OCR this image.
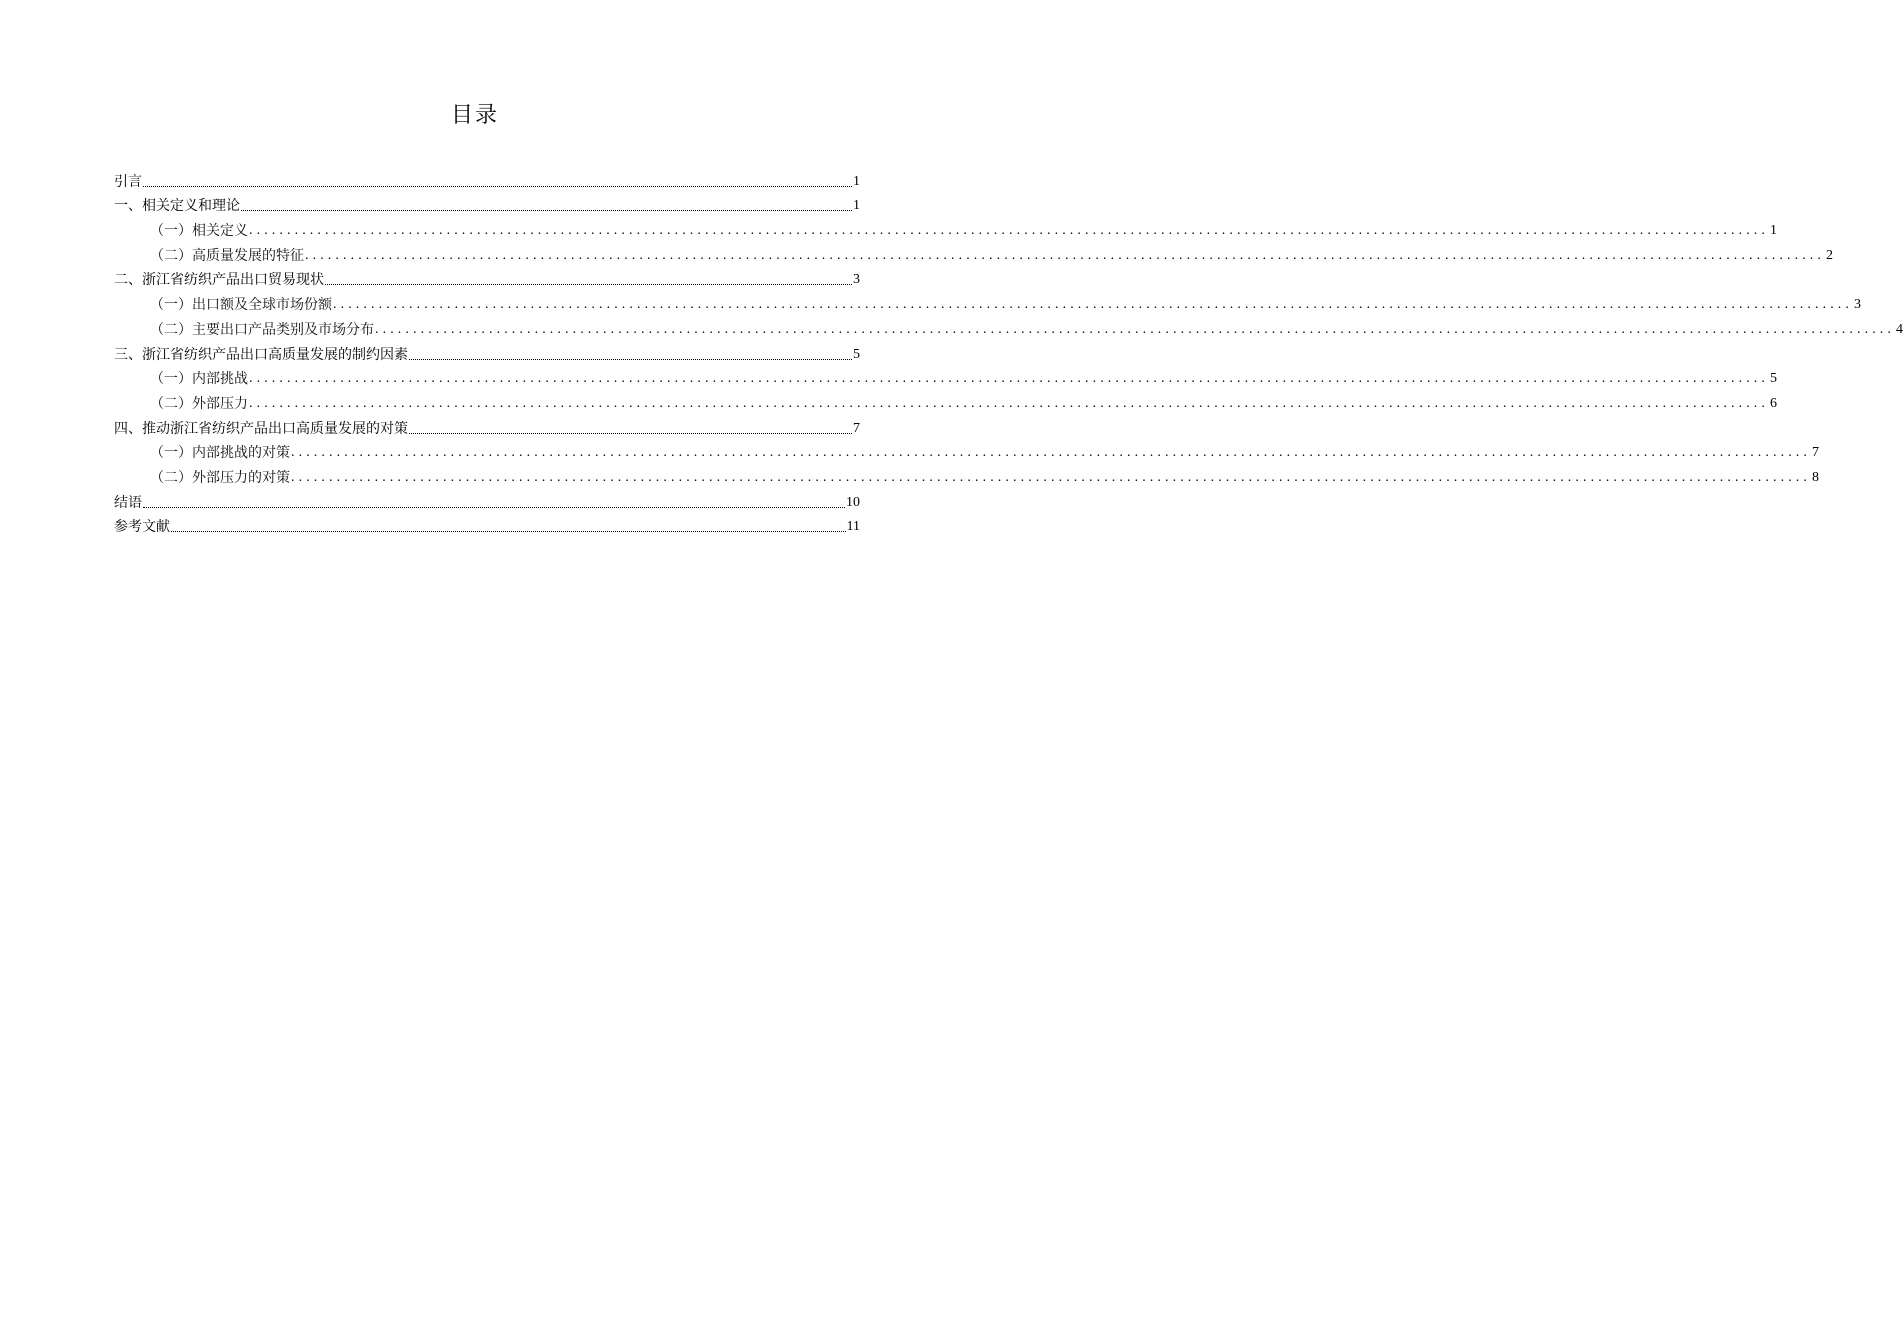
目录
引言	1
一、相关定义和理论	1
（一）相关定义 ........................................................................................................................................................................................................ 1
（二）高质量发展的特征 ........................................................................................................................................................................................................ 2
二、浙江省纺织产品出口贸易现状	3
（一）出口额及全球市场份额 ........................................................................................................................................................................................................ 3
（二）主要出口产品类别及市场分布 ........................................................................................................................................................................................................ 4
三、浙江省纺织产品出口高质量发展的制约因素	5
（一）内部挑战 ........................................................................................................................................................................................................ 5
（二）外部压力 ........................................................................................................................................................................................................ 6
四、推动浙江省纺织产品出口高质量发展的对策	7
（一）内部挑战的对策 ........................................................................................................................................................................................................ 7
（二）外部压力的对策 ........................................................................................................................................................................................................ 8
结语	10
参考文献	11
